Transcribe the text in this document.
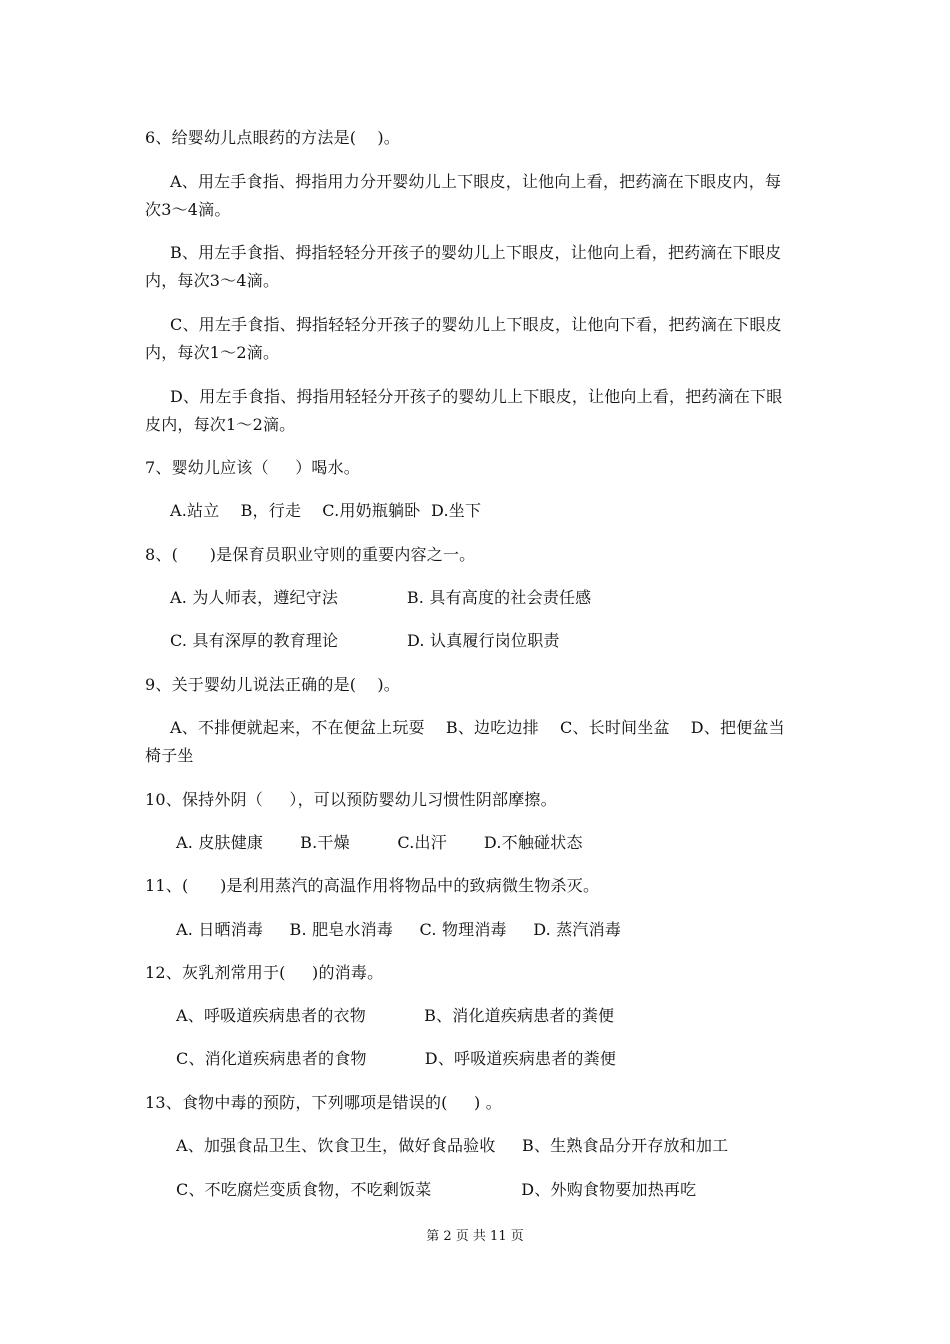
6、给婴幼儿点眼药的方法是(    )。
A、用左手食指、拇指用力分开婴幼儿上下眼皮，让他向上看，把药滴在下眼皮内，每
次3～4滴。
B、用左手食指、拇指轻轻分开孩子的婴幼儿上下眼皮，让他向上看，把药滴在下眼皮
内，每次3～4滴。
C、用左手食指、拇指轻轻分开孩子的婴幼儿上下眼皮，让他向下看，把药滴在下眼皮
内，每次1～2滴。
D、用左手食指、拇指用轻轻分开孩子的婴幼儿上下眼皮，让他向上看，把药滴在下眼
皮内，每次1～2滴。
7、婴幼儿应该（     ）喝水。
A.站立    B，行走    C.用奶瓶躺卧  D.坐下
8、(      )是保育员职业守则的重要内容之一。
A. 为人师表，遵纪守法             B. 具有高度的社会责任感
C. 具有深厚的教育理论             D. 认真履行岗位职责
9、关于婴幼儿说法正确的是(    )。
A、不排便就起来，不在便盆上玩耍    B、边吃边排    C、长时间坐盆    D、把便盆当
椅子坐
10、保持外阴（     ），可以预防婴幼儿习惯性阴部摩擦。
A. 皮肤健康       B.干燥         C.出汗       D.不触碰状态
11、(      )是利用蒸汽的高温作用将物品中的致病微生物杀灭。
A. 日晒消毒     B. 肥皂水消毒     C. 物理消毒     D. 蒸汽消毒
12、灰乳剂常用于(     )的消毒。
A、呼吸道疾病患者的衣物           B、消化道疾病患者的粪便
C、消化道疾病患者的食物           D、呼吸道疾病患者的粪便
13、食物中毒的预防，下列哪项是错误的(     ) 。
A、加强食品卫生、饮食卫生，做好食品验收     B、生熟食品分开存放和加工
C、不吃腐烂变质食物，不吃剩饭菜                 D、外购食物要加热再吃
第 2 页 共 11 页
